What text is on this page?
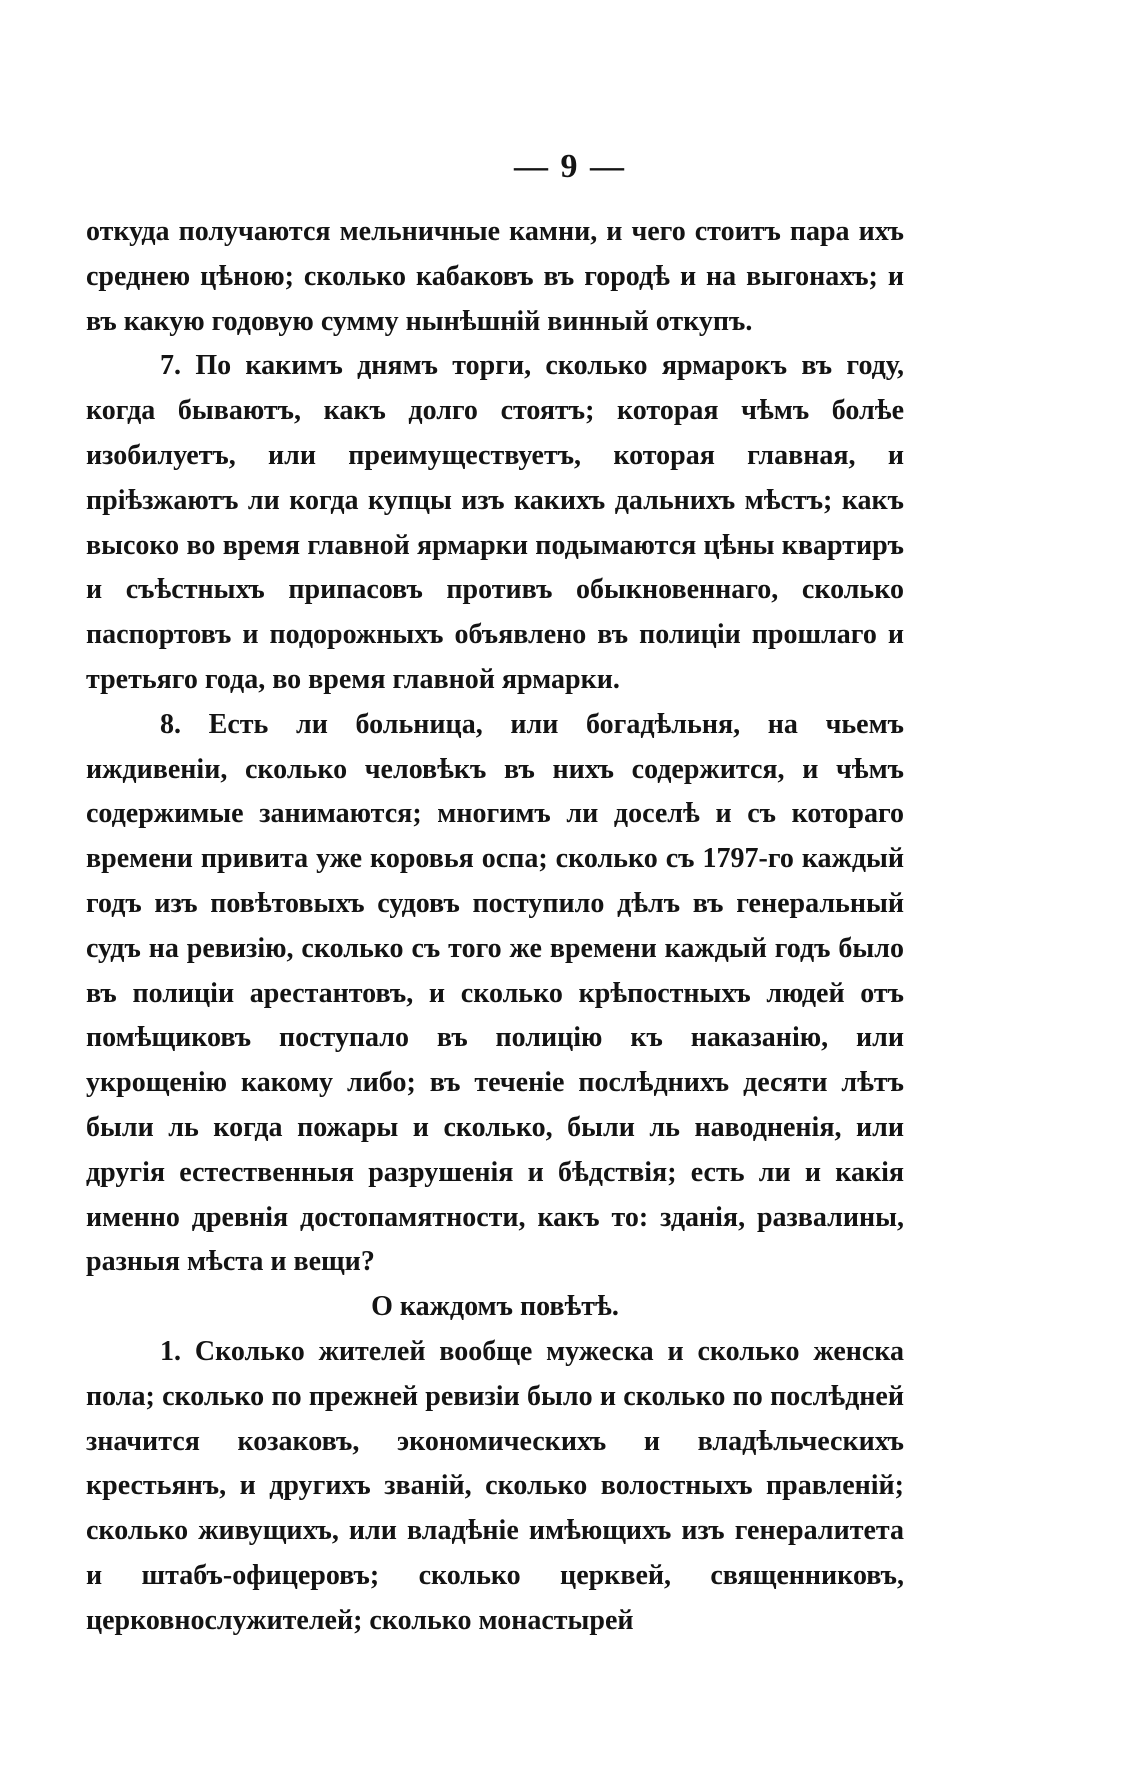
— 9 —

откуда получаются мельничные камни, и чего стоитъ пара ихъ среднею цѣною; сколько кабаковъ въ городѣ и на выгонахъ; и въ какую годовую сумму нынѣшній винный откупъ.

7. По какимъ днямъ торги, сколько ярмарокъ въ году, когда бываютъ, какъ долго стоятъ; которая чѣмъ болѣе изобилуетъ, или преимуществуетъ, которая главная, и пріѣзжаютъ ли когда купцы изъ какихъ дальнихъ мѣстъ; какъ высоко во время главной ярмарки подымаются цѣны квартиръ и съѣстныхъ припасовъ противъ обыкновеннаго, сколько паспортовъ и подорожныхъ объявлено въ полиціи прошлаго и третьяго года, во время главной ярмарки.

8. Есть ли больница, или богадѣльня, на чьемъ иждивеніи, сколько человѣкъ въ нихъ содержится, и чѣмъ содержимые занимаются; многимъ ли доселѣ и съ котораго времени привита уже коровья оспа; сколько съ 1797-го каждый годъ изъ повѣтовыхъ судовъ поступило дѣлъ въ генеральный судъ на ревизію, сколько съ того же времени каждый годъ было въ полиціи арестантовъ, и сколько крѣпостныхъ людей отъ помѣщиковъ поступало въ полицію къ наказанію, или укрощенію какому либо; въ теченіе послѣднихъ десяти лѣтъ были ль когда пожары и сколько, были ль наводненія, или другія естественныя разрушенія и бѣдствія; есть ли и какія именно древнія достопамятности, какъ то: зданія, развалины, разныя мѣста и вещи?

О каждомъ повѣтѣ.

1. Сколько жителей вообще мужеска и сколько женска пола; сколько по прежней ревизіи было и сколько по послѣдней значится козаковъ, экономическихъ и владѣльческихъ крестьянъ, и другихъ званій, сколько волостныхъ правленій; сколько живущихъ, или владѣніе имѣющихъ изъ генералитета и штабъ-офицеровъ; сколько церквей, священниковъ, церковнослужителей; сколько монастырей
